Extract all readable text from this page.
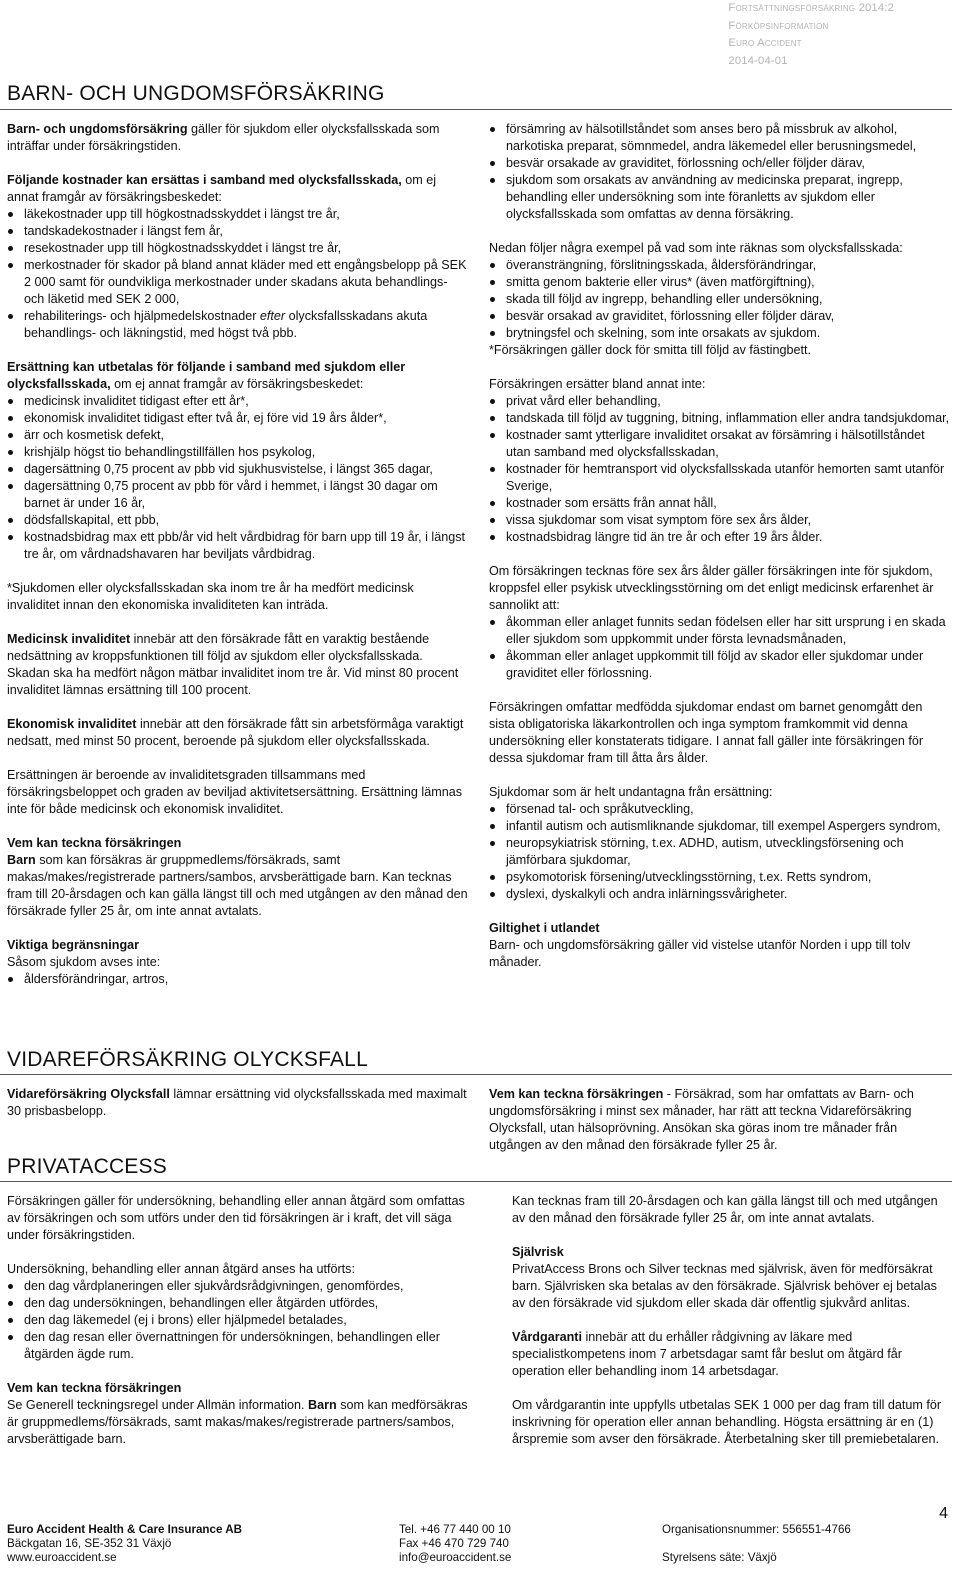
Fortsättningsförsäkring 2014:2
Förköpsinformation
Euro Accident
2014-04-01
BARN- OCH UNGDOMSFÖRSÄKRING

Barn- och ungdomsförsäkring gäller för sjukdom eller olycksfallsskada som inträffar under försäkringstiden.

Följande kostnader kan ersättas i samband med olycksfallsskada, om ej annat framgår av försäkringsbeskedet:

läkekostnader upp till högkostnadsskyddet i längst tre år,
tandskadekostnader i längst fem år,
resekostnader upp till högkostnadsskyddet i längst tre år,
merkostnader för skador på bland annat kläder med ett engångsbelopp på SEK 2 000 samt för oundvikliga merkostnader under skadans akuta behandlings- och läketid med SEK 2 000,
rehabiliterings- och hjälpmedelskostnader efter olycksfallsskadans akuta behandlings- och läkningstid, med högst två pbb.

Ersättning kan utbetalas för följande i samband med sjukdom eller olycksfallsskada, om ej annat framgår av försäkringsbeskedet:

medicinsk invaliditet tidigast efter ett år*,
ekonomisk invaliditet tidigast efter två år, ej före vid 19 års ålder*,
ärr och kosmetisk defekt,
krishjälp högst tio behandlingstillfällen hos psykolog,
dagersättning 0,75 procent av pbb vid sjukhusvistelse, i längst 365 dagar,
dagersättning 0,75 procent av pbb för vård i hemmet, i längst 30 dagar om barnet är under 16 år,
dödsfallskapital, ett pbb,
kostnadsbidrag max ett pbb/år vid helt vårdbidrag för barn upp till 19 år, i längst tre år, om vårdnadshavaren har beviljats vårdbidrag.

*Sjukdomen eller olycksfallsskadan ska inom tre år ha medfört medicinsk invaliditet innan den ekonomiska invaliditeten kan inträda.

Medicinsk invaliditet innebär att den försäkrade fått en varaktig bestående nedsättning av kroppsfunktionen till följd av sjukdom eller olycksfallsskada. Skadan ska ha medfört någon mätbar invaliditet inom tre år. Vid minst 80 procent invaliditet lämnas ersättning till 100 procent.

Ekonomisk invaliditet innebär att den försäkrade fått sin arbetsförmåga varaktigt nedsatt, med minst 50 procent, beroende på sjukdom eller olycksfallsskada.

Ersättningen är beroende av invaliditetsgraden tillsammans med försäkringsbeloppet och graden av beviljad aktivitetsersättning. Ersättning lämnas inte för både medicinsk och ekonomisk invaliditet.

Vem kan teckna försäkringen
Barn som kan försäkras är gruppmedlems/försäkrads, samt makas/makes/registrerade partners/sambos, arvsberättigade barn. Kan tecknas fram till 20-årsdagen och kan gälla längst till och med utgången av den månad den försäkrade fyller 25 år, om inte annat avtalats.

Viktiga begränsningar
Såsom sjukdom avses inte:

åldersförändringar, artros,
försämring av hälsotillståndet som anses bero på missbruk av alkohol, narkotiska preparat, sömnmedel, andra läkemedel eller berusningsmedel,
besvär orsakade av graviditet, förlossning och/eller följder därav,
sjukdom som orsakats av användning av medicinska preparat, ingrepp, behandling eller undersökning som inte föranletts av sjukdom eller olycksfallsskada som omfattas av denna försäkring.

Nedan följer några exempel på vad som inte räknas som olycksfallsskada:

överansträngning, förslitningsskada, åldersförändringar,
smitta genom bakterie eller virus* (även matförgiftning),
skada till följd av ingrepp, behandling eller undersökning,
besvär orsakad av graviditet, förlossning eller följder därav,
brytningsfel och skelning, som inte orsakats av sjukdom.

*Försäkringen gäller dock för smitta till följd av fästingbett.

Försäkringen ersätter bland annat inte:

privat vård eller behandling,
tandskada till följd av tuggning, bitning, inflammation eller andra tandsjukdomar,
kostnader samt ytterligare invaliditet orsakat av försämring i hälsotillståndet utan samband med olycksfallsskadan,
kostnader för hemtransport vid olycksfallsskada utanför hemorten samt utanför Sverige,
kostnader som ersätts från annat håll,
vissa sjukdomar som visat symptom före sex års ålder,
kostnadsbidrag längre tid än tre år och efter 19 års ålder.

Om försäkringen tecknas före sex års ålder gäller försäkringen inte för sjukdom, kroppsfel eller psykisk utvecklingsstörning om det enligt medicinsk erfarenhet är sannolikt att:

åkomman eller anlaget funnits sedan födelsen eller har sitt ursprung i en skada eller sjukdom som uppkommit under första levnadsmånaden,
åkomman eller anlaget uppkommit till följd av skador eller sjukdomar under graviditet eller förlossning.

Försäkringen omfattar medfödda sjukdomar endast om barnet genomgått den sista obligatoriska läkarkontrollen och inga symptom framkommit vid denna undersökning eller konstaterats tidigare. I annat fall gäller inte försäkringen för dessa sjukdomar fram till åtta års ålder.

Sjukdomar som är helt undantagna från ersättning:

försenad tal- och språkutveckling,
infantil autism och autismliknande sjukdomar, till exempel Aspergers syndrom,
neuropsykiatrisk störning, t.ex. ADHD, autism, utvecklingsförsening och jämförbara sjukdomar,
psykomotorisk försening/utvecklingsstörning, t.ex. Retts syndrom,
dyslexi, dyskalkyli och andra inlärningssvårigheter.

Giltighet i utlandet
Barn- och ungdomsförsäkring gäller vid vistelse utanför Norden i upp till tolv månader.

VIDAREFÖRSÄKRING OLYCKSFALL

Vidareförsäkring Olycksfall lämnar ersättning vid olycksfallsskada med maximalt 30 prisbasbelopp.

Vem kan teckna försäkringen - Försäkrad, som har omfattats av Barn- och ungdomsförsäkring i minst sex månader, har rätt att teckna Vidareförsäkring Olycksfall, utan hälsoprövning. Ansökan ska göras inom tre månader från utgången av den månad den försäkrade fyller 25 år.

PRIVATACCESS

Försäkringen gäller för undersökning, behandling eller annan åtgärd som omfattas av försäkringen och som utförs under den tid försäkringen är i kraft, det vill säga under försäkringstiden.

Undersökning, behandling eller annan åtgärd anses ha utförts:

den dag vårdplaneringen eller sjukvårdsrådgivningen, genomfördes,
den dag undersökningen, behandlingen eller åtgärden utfördes,
den dag läkemedel (ej i brons) eller hjälpmedel betalades,
den dag resan eller övernattningen för undersökningen, behandlingen eller åtgärden ägde rum.

Vem kan teckna försäkringen
Se Generell teckningsregel under Allmän information. Barn som kan medförsäkras är gruppmedlems/försäkrads, samt makas/makes/registrerade partners/sambos, arvsberättigade barn.

Kan tecknas fram till 20-årsdagen och kan gälla längst till och med utgången av den månad den försäkrade fyller 25 år, om inte annat avtalats.

Självrisk
PrivatAccess Brons och Silver tecknas med självrisk, även för medförsäkrat barn. Självrisken ska betalas av den försäkrade. Självrisk behöver ej betalas av den försäkrade vid sjukdom eller skada där offentlig sjukvård anlitas.

Vårdgaranti innebär att du erhåller rådgivning av läkare med specialistkompetens inom 7 arbetsdagar samt får beslut om åtgärd får operation eller behandling inom 14 arbetsdagar.

Om vårdgarantin inte uppfylls utbetalas SEK 1 000 per dag fram till datum för inskrivning för operation eller annan behandling. Högsta ersättning är en (1) årspremie som avser den försäkrade. Återbetalning sker till premiebetalaren.

4
Euro Accident Health & Care Insurance AB
Bäckgatan 16, SE-352 31 Växjö
www.euroaccident.se
Tel. +46 77 440 00 10
Fax +46 470 729 740
info@euroaccident.se
Organisationsnummer: 556551-4766

Styrelsens säte: Växjö
